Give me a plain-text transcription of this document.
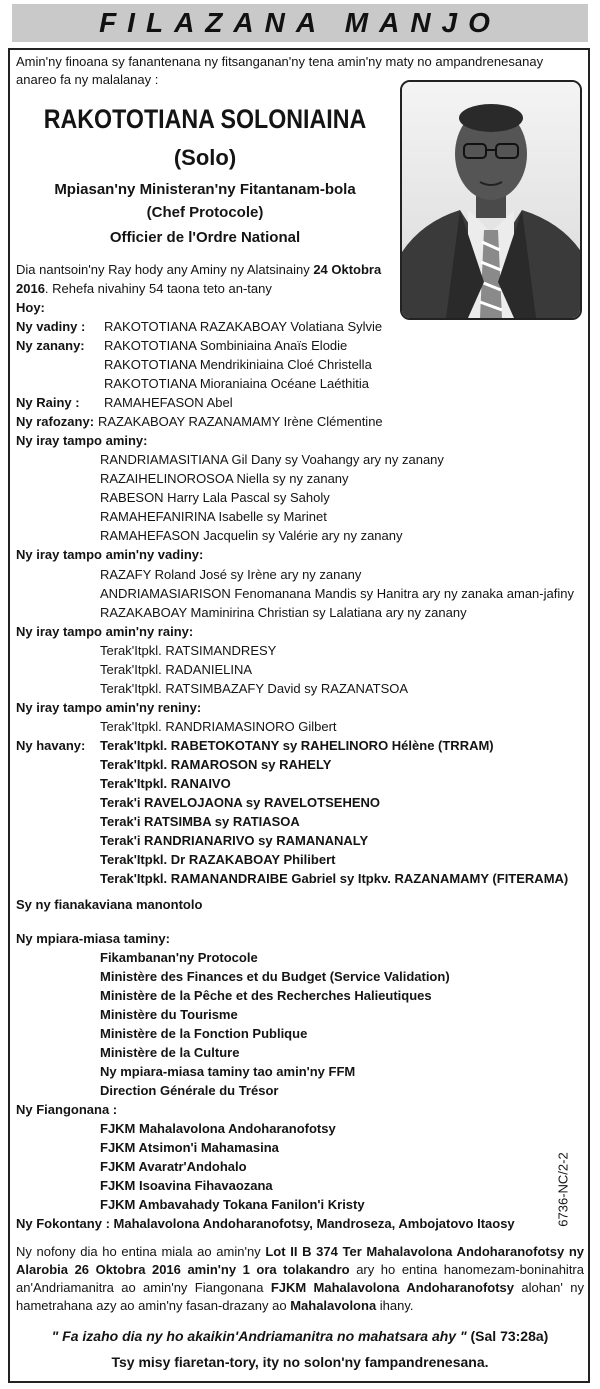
FILAZANA MANJO
Amin'ny finoana sy fanantenana ny fitsanganan'ny tena amin'ny maty no ampandrenesanay anareo fa ny malalanay :
RAKOTOTIANA SOLONIAINA
(Solo)
Mpiasan'ny Ministeran'ny Fitantanam-bola
(Chef Protocole)
Officier de l'Ordre National
Dia nantsoin'ny Ray hody any Aminy ny Alatsinainy 24 Oktobra
2016. Rehefa nivahiny 54 taona teto an-tany
Hoy:
Ny vadiny : RAKOTOTIANA RAZAKABOAY Volatiana Sylvie
Ny zanany: RAKOTOTIANA Sombiniaina Anaïs Elodie
RAKOTOTIANA Mendrikiniaina Cloé Christella
RAKOTOTIANA Mioraniaina Océane Laéthitia
Ny Rainy : RAMAHEFASON Abel
Ny rafozany: RAZAKABOAY RAZANAMAMY Irène Clémentine
Ny iray tampo aminy:
RANDRIAMASITIANA Gil Dany sy Voahangy ary ny zanany
RAZAIHELINOROSOA Niella sy ny zanany
RABESON Harry Lala Pascal sy Saholy
RAMAHEFANIRINA Isabelle sy Marinet
RAMAHEFASON Jacquelin sy Valérie ary ny zanany
Ny iray tampo amin'ny vadiny:
RAZAFY Roland José sy Irène ary ny zanany
ANDRIAMASIARISON Fenomanana Mandis sy Hanitra ary ny zanaka aman-jafiny
RAZAKABOAY Maminirina Christian sy Lalatiana ary ny zanany
Ny iray tampo amin'ny rainy:
Terak'Itpkl. RATSIMANDRESY
Terak'Itpkl. RADANIELINA
Terak'Itpkl. RATSIMBAZAFY David sy RAZANATSOA
Ny iray tampo amin'ny reniny:
Terak'Itpkl. RANDRIAMASINORO Gilbert
Ny havany: Terak'Itpkl. RABETOKOTANY sy RAHELINORO Hélène (TRRAM)
Terak'Itpkl. RAMAROSON sy RAHELY
Terak'Itpkl. RANAIVO
Terak'i RAVELOJAONA sy RAVELOTSEHENO
Terak'i RATSIMBA sy RATIASOA
Terak'i RANDRIANARIVO sy RAMANANALY
Terak'Itpkl. Dr RAZAKABOAY Philibert
Terak'Itpkl. RAMANANDRAIBE Gabriel sy Itpkv. RAZANAMAMY (FITERAMA)
Sy ny fianakaviana manontolo
Ny mpiara-miasa taminy:
Fikambanan'ny Protocole
Ministère des Finances et du Budget (Service Validation)
Ministère de la Pêche et des Recherches Halieutiques
Ministère du Tourisme
Ministère de la Fonction Publique
Ministère de la Culture
Ny mpiara-miasa taminy tao amin'ny FFM
Direction Générale du Trésor
Ny Fiangonana :
FJKM Mahalavolona Andoharanofotsy
FJKM Atsimon'i Mahamasina
FJKM Avaratr'Andohalo
FJKM Isoavina Fihavaozana
FJKM Ambavahady Tokana Fanilon'i Kristy
Ny Fokontany : Mahalavolona Andoharanofotsy, Mandroseza, Ambojatovo Itaosy	6736-NC/2-2
Ny nofony dia ho entina miala ao amin'ny Lot II B 374 Ter Mahalavolona Andoharanofotsy ny Alarobia 26 Oktobra 2016 amin'ny 1 ora tolakandro ary ho entina hanomezam-boninahitra an'Andriamanitra ao amin'ny Fiangonana FJKM Mahalavolona Andoharanofotsy alohan' ny hametrahana azy ao amin'ny fasan-drazany ao Mahalavolona ihany.
" Fa izaho dia ny ho akaikin'Andriamanitra no mahatsara ahy " (Sal 73:28a)
Tsy misy fiaretan-tory, ity no solon'ny fampandrenesana.
